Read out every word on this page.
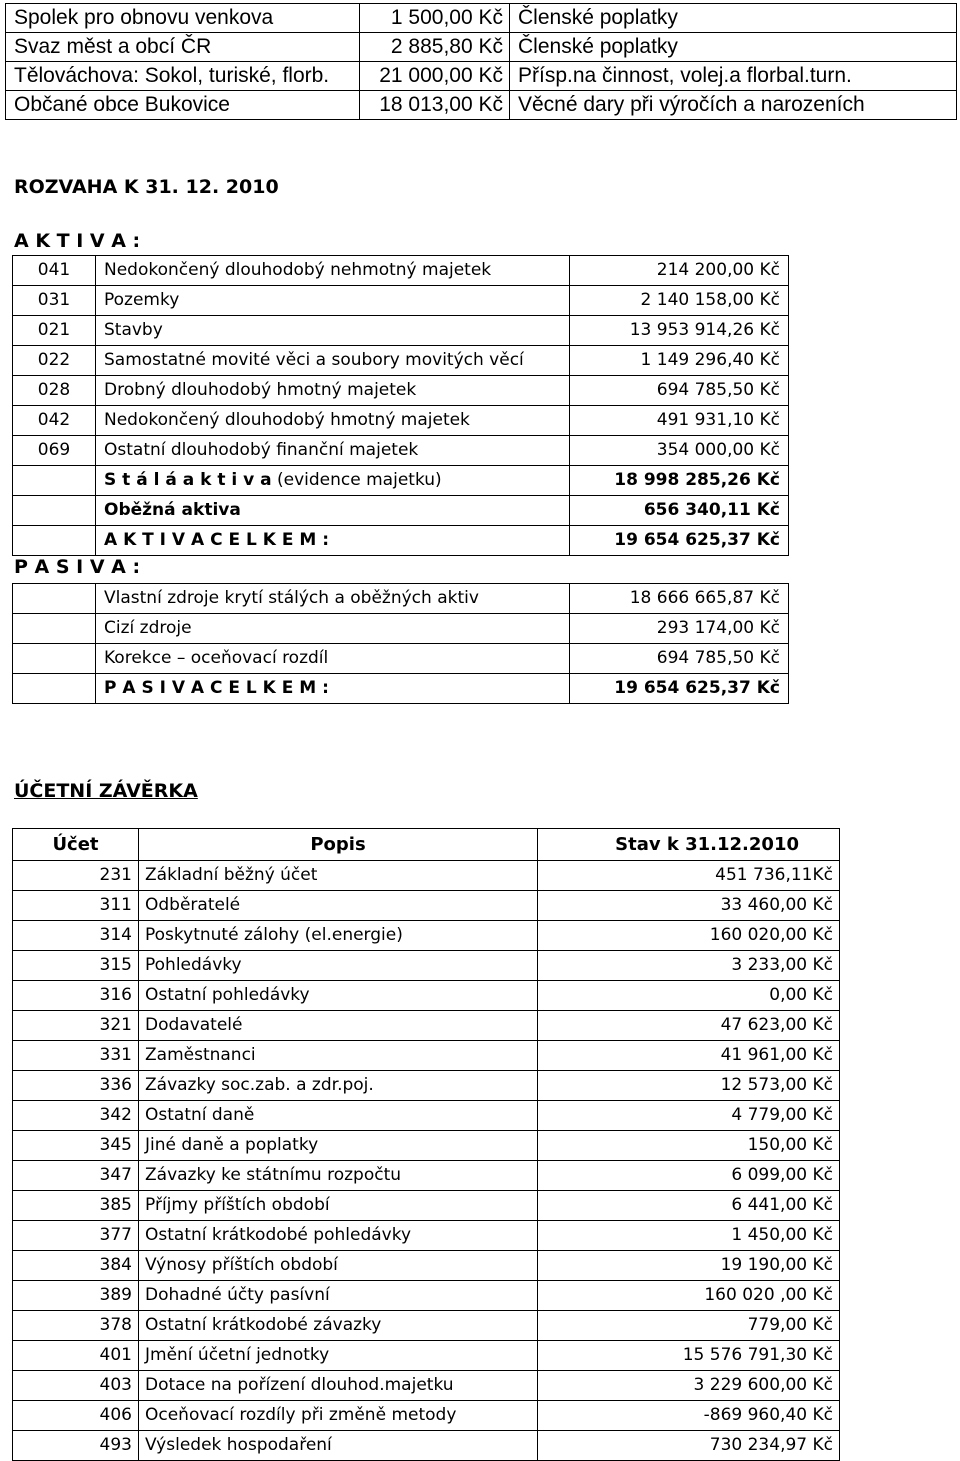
Spolek pro obnovu venkova	1 500,00 Kč	Členské poplatky
Svaz měst a obcí ČR	2 885,80 Kč	Členské poplatky
Tělováchova: Sokol, turiské, florb.	21 000,00 Kč	Přísp.na činnost, volej.a florbal.turn.
Občané obce Bukovice	18 013,00 Kč	Věcné dary při výročích a narozeních
ROZVAHA K 31. 12. 2010
A K T I V A :
041	Nedokončený dlouhodobý nehmotný majetek	214 200,00 Kč
031	Pozemky	2 140 158,00 Kč
021	Stavby	13 953 914,26 Kč
022	Samostatné movité věci a soubory movitých věcí	1 149 296,40 Kč
028	Drobný dlouhodobý hmotný majetek	694 785,50 Kč
042	Nedokončený dlouhodobý hmotný majetek	491 931,10 Kč
069	Ostatní dlouhodobý finanční majetek	354 000,00 Kč
	S t á l á a k t i v a (evidence majetku)	18 998 285,26 Kč
	Oběžná aktiva	656 340,11 Kč
	A K T I V A C E L K E M :	19 654 625,37 Kč
P A S I V A :
	Vlastní zdroje krytí stálých a oběžných aktiv	18 666 665,87 Kč
	Cizí zdroje	293 174,00 Kč
	Korekce – oceňovací rozdíl	694 785,50 Kč
	P A S I V A C E L K E M :	19 654 625,37 Kč
ÚČETNÍ ZÁVĚRKA
Účet	Popis	Stav k 31.12.2010
231	Základní běžný účet	451 736,11Kč
311	Odběratelé	33 460,00 Kč
314	Poskytnuté zálohy (el.energie)	160 020,00 Kč
315	Pohledávky	3 233,00 Kč
316	Ostatní pohledávky	0,00 Kč
321	Dodavatelé	47 623,00 Kč
331	Zaměstnanci	41 961,00 Kč
336	Závazky soc.zab. a zdr.poj.	12 573,00 Kč
342	Ostatní daně	4 779,00 Kč
345	Jiné daně a poplatky	150,00 Kč
347	Závazky ke státnímu rozpočtu	6 099,00 Kč
385	Příjmy příštích období	6 441,00 Kč
377	Ostatní krátkodobé pohledávky	1 450,00 Kč
384	Výnosy příštích období	19 190,00 Kč
389	Dohadné účty pasívní	160 020 ,00 Kč
378	Ostatní krátkodobé závazky	779,00 Kč
401	Jmění účetní jednotky	15 576 791,30 Kč
403	Dotace na pořízení dlouhod.majetku	3 229 600,00 Kč
406	Oceňovací rozdíly při změně metody	-869 960,40 Kč
493	Výsledek hospodaření	730 234,97 Kč
